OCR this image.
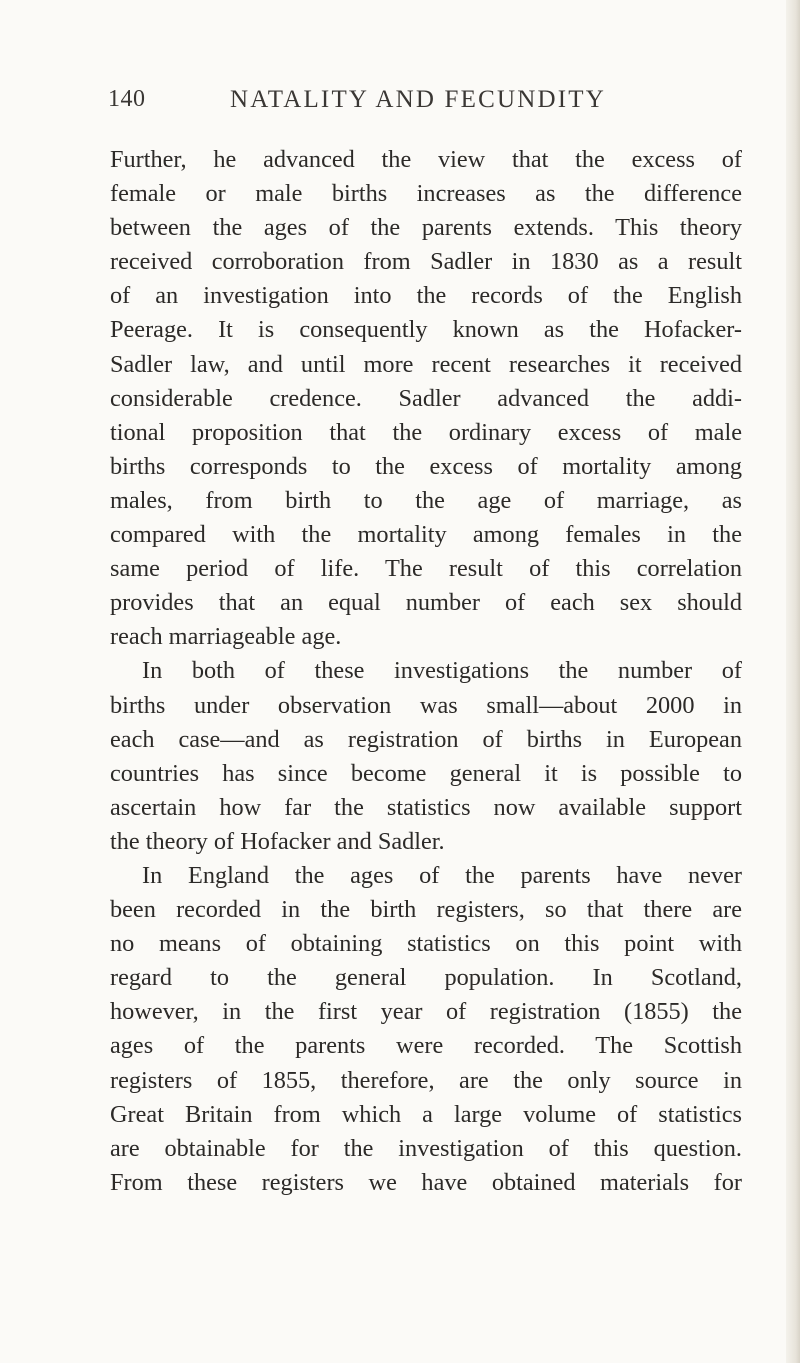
140	NATALITY AND FECUNDITY
Further, he advanced the view that the excess of
female or male births increases as the difference
between the ages of the parents extends. This theory
received corroboration from Sadler in 1830 as a result
of an investigation into the records of the English
Peerage. It is consequently known as the Hofacker-
Sadler law, and until more recent researches it received
considerable credence. Sadler advanced the addi-
tional proposition that the ordinary excess of male
births corresponds to the excess of mortality among
males, from birth to the age of marriage, as
compared with the mortality among females in the
same period of life. The result of this correlation
provides that an equal number of each sex should
reach marriageable age.
In both of these investigations the number of
births under observation was small—about 2000 in
each case—and as registration of births in European
countries has since become general it is possible to
ascertain how far the statistics now available support
the theory of Hofacker and Sadler.
In England the ages of the parents have never
been recorded in the birth registers, so that there are
no means of obtaining statistics on this point with
regard to the general population. In Scotland,
however, in the first year of registration (1855) the
ages of the parents were recorded. The Scottish
registers of 1855, therefore, are the only source in
Great Britain from which a large volume of statistics
are obtainable for the investigation of this question.
From these registers we have obtained materials for
